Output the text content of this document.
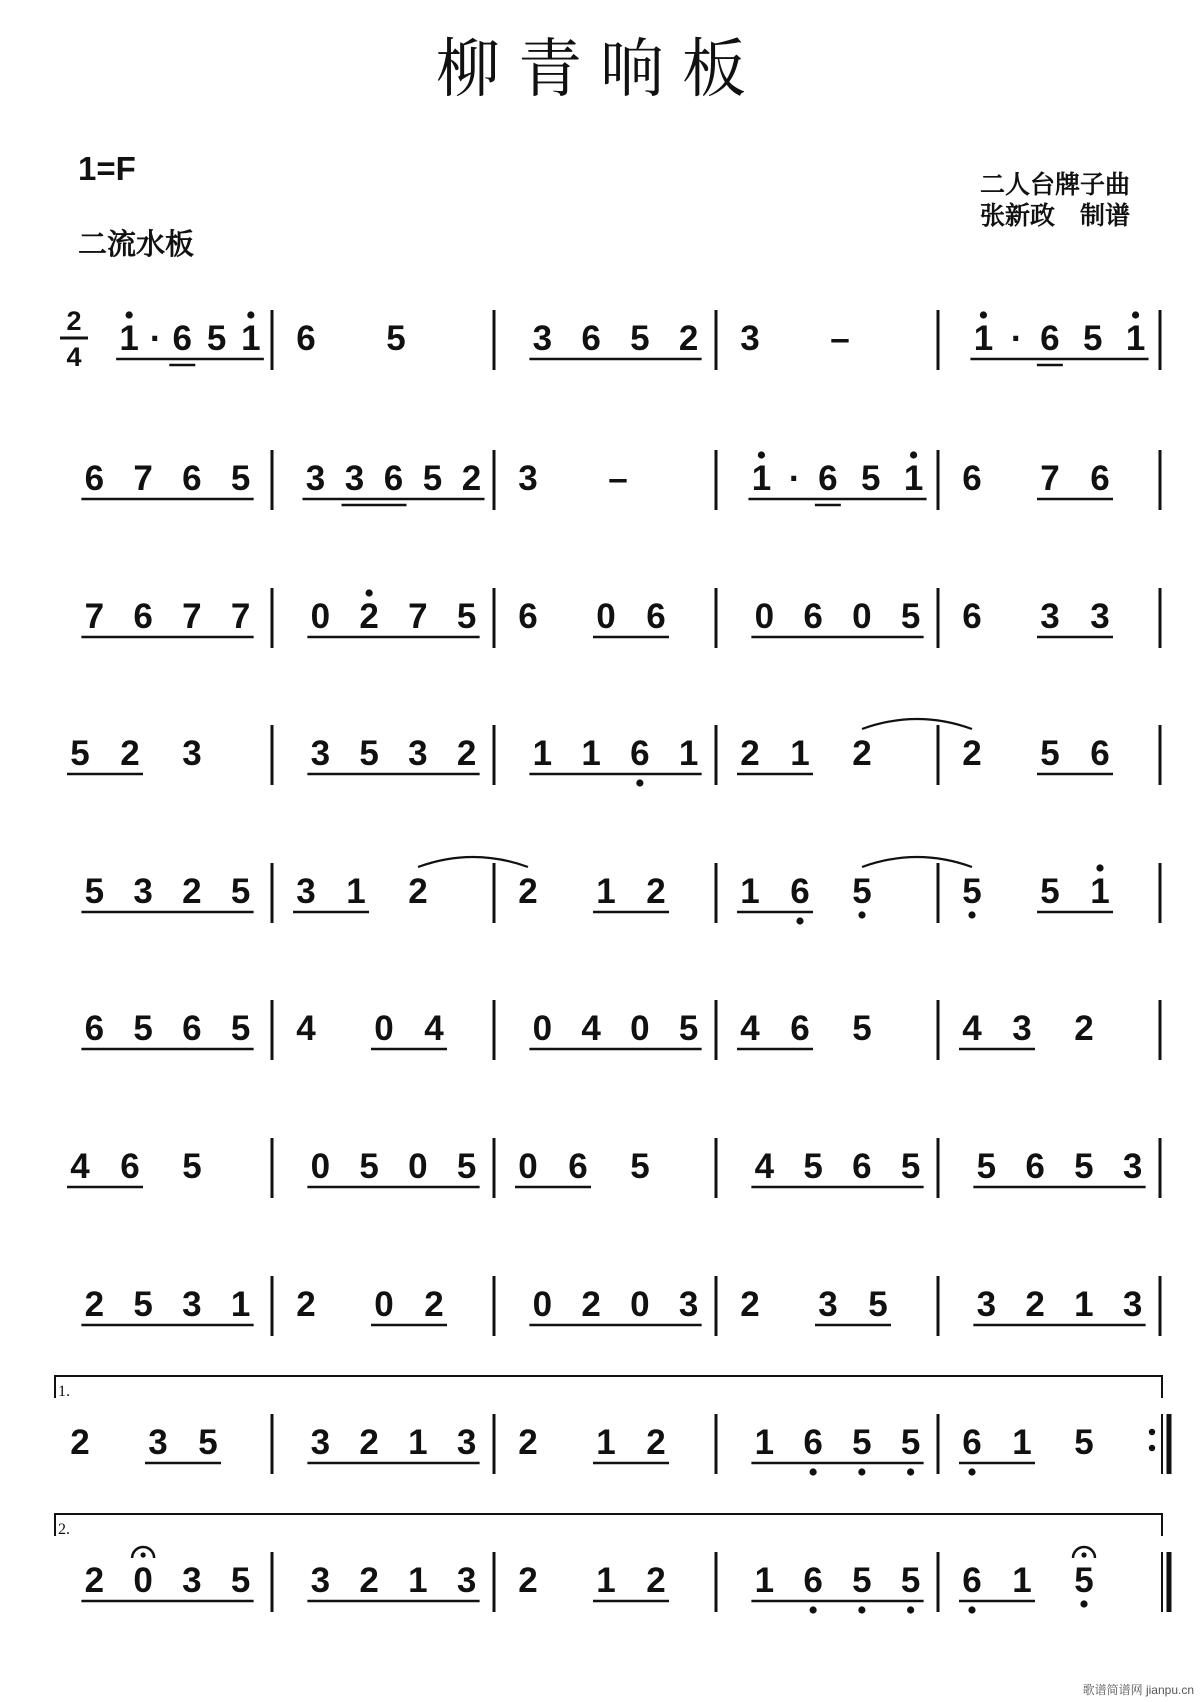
柳青响板
1=F
二流水板
二人台牌子曲
张新政　制谱
2
4 1 · 6 5 1 6 5	3 6 5 2 3 –	1 · 6 5 1
6 7 6 5 3 3 6 5 2 3 –	1 · 6 5 1 6 7 6
7 6 7 7 0 2 7 5 6 0 6	0 6 0 5 6 3 3
5 2 3	3 5 3 2 1 1 6 1 2 1 2	2 5 6
5 3 2 5 3 1 2	2 1 2 1 6 5	5 5 1
6 5 6 5 4 0 4	0 4 0 5 4 6 5	4 3 2
4 6 5	0 5 0 5 0 6 5	4 5 6 5 5 6 5 3
2 5 3 1 2 0 2	0 2 0 3 2 3 5	3 2 1 3
1.
2 3 5	3 2 1 3 2 1 2	1 6 5 5 6 1 5
2.
2 0 3 5 3 2 1 3 2 1 2	1 6 5 5 6 1 5
歌谱简谱网 jianpu.cn
